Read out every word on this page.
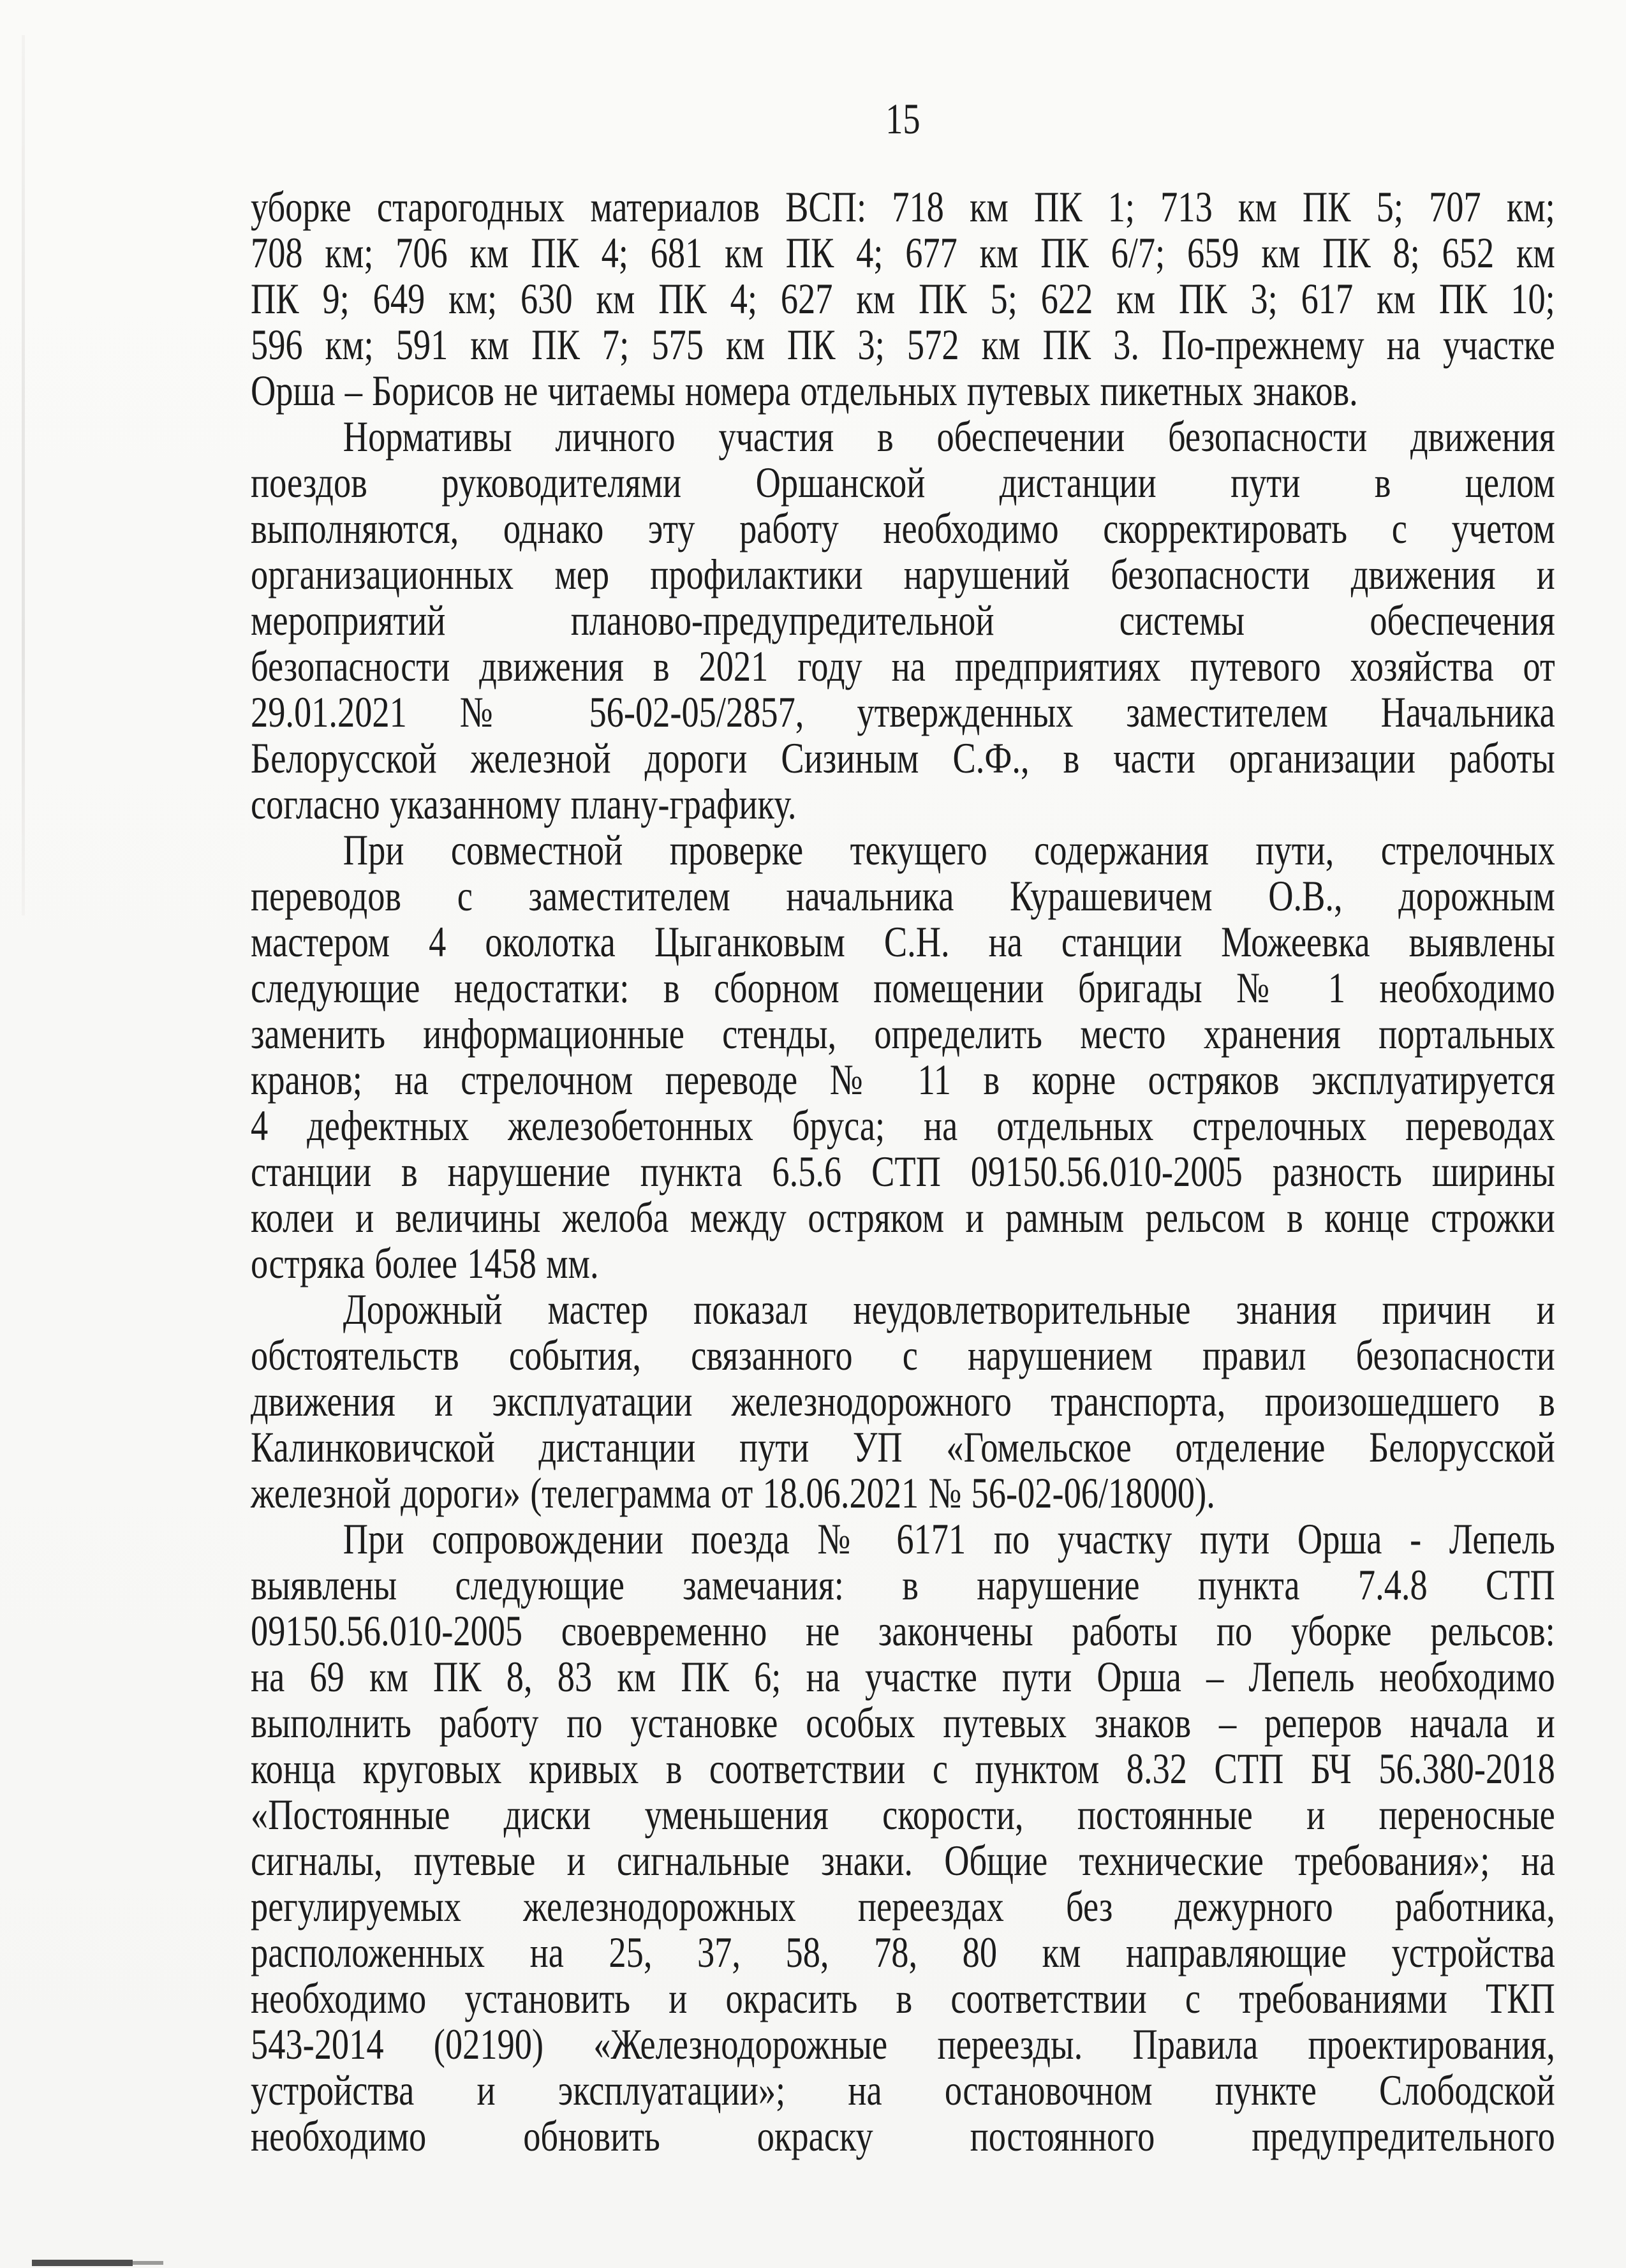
15
уборке старогодных материалов ВСП: 718 км ПК 1; 713 км ПК 5; 707 км;
708 км; 706 км ПК 4; 681 км ПК 4; 677 км ПК 6/7; 659 км ПК 8; 652 км
ПК 9; 649 км; 630 км ПК 4; 627 км ПК 5; 622 км ПК 3; 617 км ПК 10;
596 км; 591 км ПК 7; 575 км ПК 3; 572 км ПК 3. По-прежнему на участке
Орша – Борисов не читаемы номера отдельных путевых пикетных знаков.
Нормативы личного участия в обеспечении безопасности движения
поездов руководителями Оршанской дистанции пути в целом
выполняются, однако эту работу необходимо скорректировать с учетом
организационных мер профилактики нарушений безопасности движения и
мероприятий планово-предупредительной системы обеспечения
безопасности движения в 2021 году на предприятиях путевого хозяйства от
29.01.2021 № 56-02-05/2857, утвержденных заместителем Начальника
Белорусской железной дороги Сизиным С.Ф., в части организации работы
согласно указанному плану-графику.
При совместной проверке текущего содержания пути, стрелочных
переводов с заместителем начальника Курашевичем О.В., дорожным
мастером 4 околотка Цыганковым С.Н. на станции Можеевка выявлены
следующие недостатки: в сборном помещении бригады № 1 необходимо
заменить информационные стенды, определить место хранения портальных
кранов; на стрелочном переводе № 11 в корне остряков эксплуатируется
4 дефектных железобетонных бруса; на отдельных стрелочных переводах
станции в нарушение пункта 6.5.6 СТП 09150.56.010-2005 разность ширины
колеи и величины желоба между остряком и рамным рельсом в конце строжки
остряка более 1458 мм.
Дорожный мастер показал неудовлетворительные знания причин и
обстоятельств события, связанного с нарушением правил безопасности
движения и эксплуатации железнодорожного транспорта, произошедшего в
Калинковичской дистанции пути УП «Гомельское отделение Белорусской
железной дороги» (телеграмма от 18.06.2021 № 56-02-06/18000).
При сопровождении поезда № 6171 по участку пути Орша - Лепель
выявлены следующие замечания: в нарушение пункта 7.4.8 СТП
09150.56.010-2005 своевременно не закончены работы по уборке рельсов:
на 69 км ПК 8, 83 км ПК 6; на участке пути Орша – Лепель необходимо
выполнить работу по установке особых путевых знаков – реперов начала и
конца круговых кривых в соответствии с пунктом 8.32 СТП БЧ 56.380-2018
«Постоянные диски уменьшения скорости, постоянные и переносные
сигналы, путевые и сигнальные знаки. Общие технические требования»; на
регулируемых железнодорожных переездах без дежурного работника,
расположенных на 25, 37, 58, 78, 80 км направляющие устройства
необходимо установить и окрасить в соответствии с требованиями ТКП
543-2014 (02190) «Железнодорожные переезды. Правила проектирования,
устройства и эксплуатации»; на остановочном пункте Слободской
необходимо обновить окраску постоянного предупредительного
